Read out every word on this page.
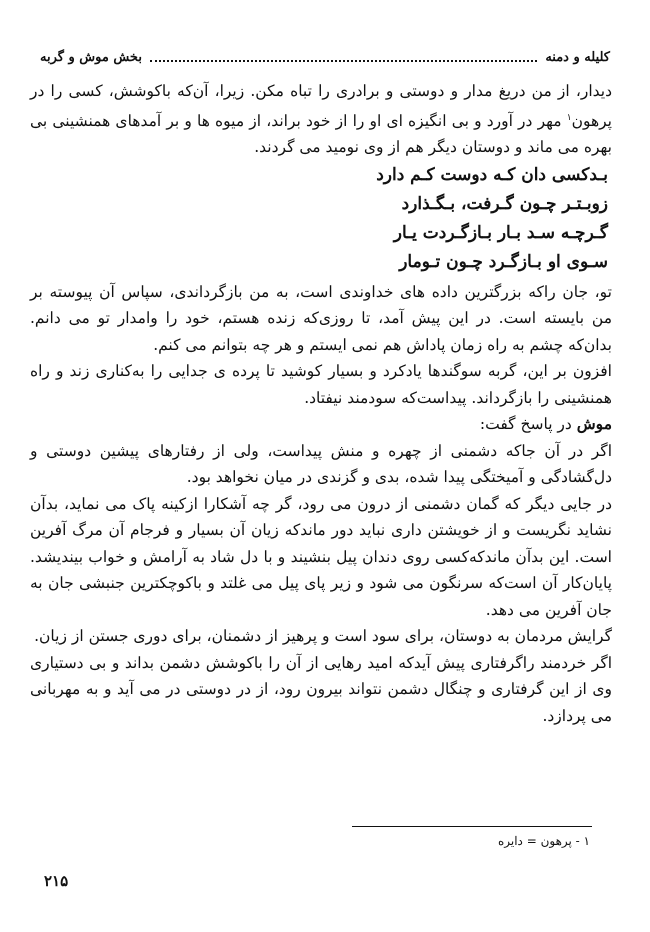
کلیله و دمنه
بخش موش و گربه

دیدار، از من دریغ مدار و دوستی و برادری را تباه مکن. زیرا، آن‌که باکوشش، کسی را در پرهون$^۱$ مهر در آورد و بی انگیزه ای او را از خود براند، از میوه ها و بر آمدهای همنشینی بی بهره می ماند و دوستان دیگر هم از وی نومید می گردند.

بـدکسی دان کـه دوست کـم دارد
زوبـتـر چـون گـرفت، بـگـذارد
گـرچـه سـد بـار بـازگـردت یـار
سـوی او بـازگـرد چـون تـومار

تو، جان راکه بزرگترین داده های خداوندی است، به من بازگرداندی، سپاس آن پیوسته بر من بایسته است. در این پیش آمد، تا روزی‌که زنده هستم، خود را وامدار تو می دانم. بدان‌که چشم به راه زمان پاداش هم نمی ایستم و هر چه بتوانم می کنم.

افزون بر این، گربه سوگندها یادکرد و بسیار کوشید تا پرده ی جدایی را به‌کناری زند و راه همنشینی را بازگرداند. پیداست‌که سودمند نیفتاد.

موش در پاسخ گفت:

اگر در آن جاکه دشمنی از چهره و منش پیداست، ولی از رفتارهای پیشین دوستی و دل‌گشادگی و آمیختگی پیدا شده، بدی و گزندی در میان نخواهد بود.

در جایی دیگر که گمان دشمنی از درون می رود، گر چه آشکارا ازکینه پاک می نماید، بدآن نشاید نگریست و از خویشتن داری نباید دور ماندکه زیان آن بسیار و فرجام آن مرگ آفرین است. این بدآن ماندکه‌کسی روی دندان پیل بنشیند و با دل شاد به آرامش و خواب بیندیشد. پایان‌کار آن است‌که سرنگون می شود و زیر پای پیل می غلتد و باکوچکترین جنبشی جان به جان آفرین می دهد.

گرایش مردمان به دوستان، برای سود است و پرهیز از دشمنان، برای دوری جستن از زیان.

اگر خردمند راگرفتاری پیش آیدکه امید رهایی از آن را باکوشش دشمن بداند و بی دستیاری وی از این گرفتاری و چنگال دشمن نتواند بیرون رود، از در دوستی در می آید و به مهربانی می پردازد.

۱ - پرهون = دایره
۲۱۵
